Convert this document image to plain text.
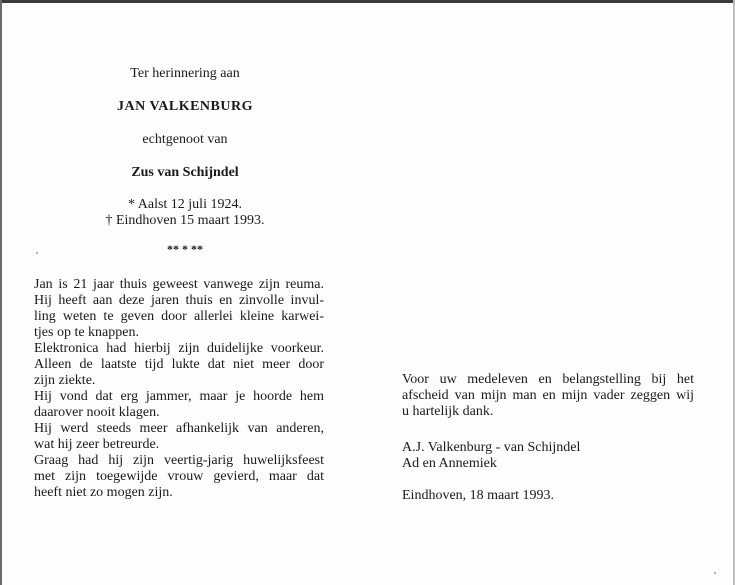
Ter herinnering aan
JAN VALKENBURG
echtgenoot van
Zus van Schijndel
* Aalst 12 juli 1924.
† Eindhoven 15 maart 1993.
** * **
Jan is 21 jaar thuis geweest vanwege zijn reuma.
Hij heeft aan deze jaren thuis en zinvolle invul-
ling weten te geven door allerlei kleine karwei-
tjes op te knappen.
Elektronica had hierbij zijn duidelijke voorkeur.
Alleen de laatste tijd lukte dat niet meer door
zijn ziekte.
Hij vond dat erg jammer, maar je hoorde hem
daarover nooit klagen.
Hij werd steeds meer afhankelijk van anderen,
wat hij zeer betreurde.
Graag had hij zijn veertig-jarig huwelijksfeest
met zijn toegewijde vrouw gevierd, maar dat
heeft niet zo mogen zijn.
Voor uw medeleven en belangstelling bij het
afscheid van mijn man en mijn vader zeggen wij
u hartelijk dank.
A.J. Valkenburg - van Schijndel
Ad en Annemiek
Eindhoven, 18 maart 1993.
